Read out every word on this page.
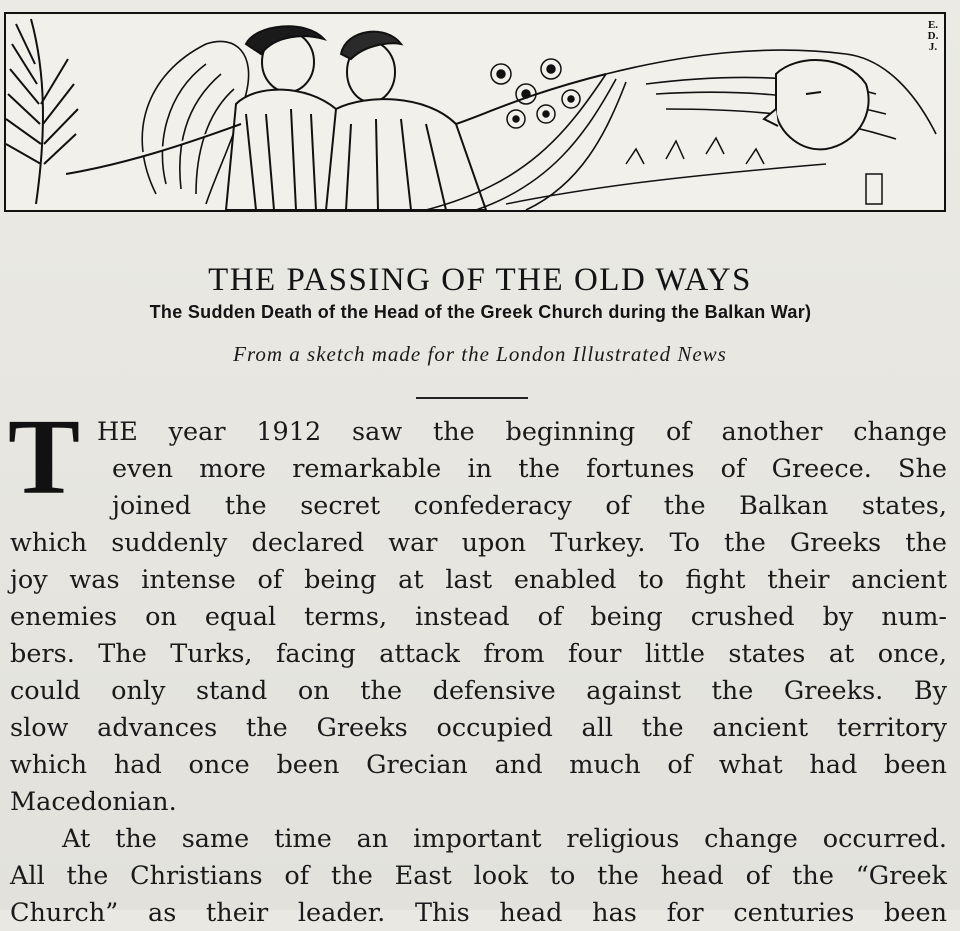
E. D. J.
THE PASSING OF THE OLD WAYS
The Sudden Death of the Head of the Greek Church during the Balkan War)
From a sketch made for the London Illustrated News
T HE year 1912 saw the beginning of another change
even more remarkable in the fortunes of Greece. She
joined the secret confederacy of the Balkan states,
which suddenly declared war upon Turkey. To the Greeks the
joy was intense of being at last enabled to fight their ancient
enemies on equal terms, instead of being crushed by num-
bers. The Turks, facing attack from four little states at once,
could only stand on the defensive against the Greeks. By
slow advances the Greeks occupied all the ancient territory
which had once been Grecian and much of what had been
Macedonian.
At the same time an important religious change occurred.
All the Christians of the East look to the head of the “Greek
Church” as their leader. This head has for centuries been
